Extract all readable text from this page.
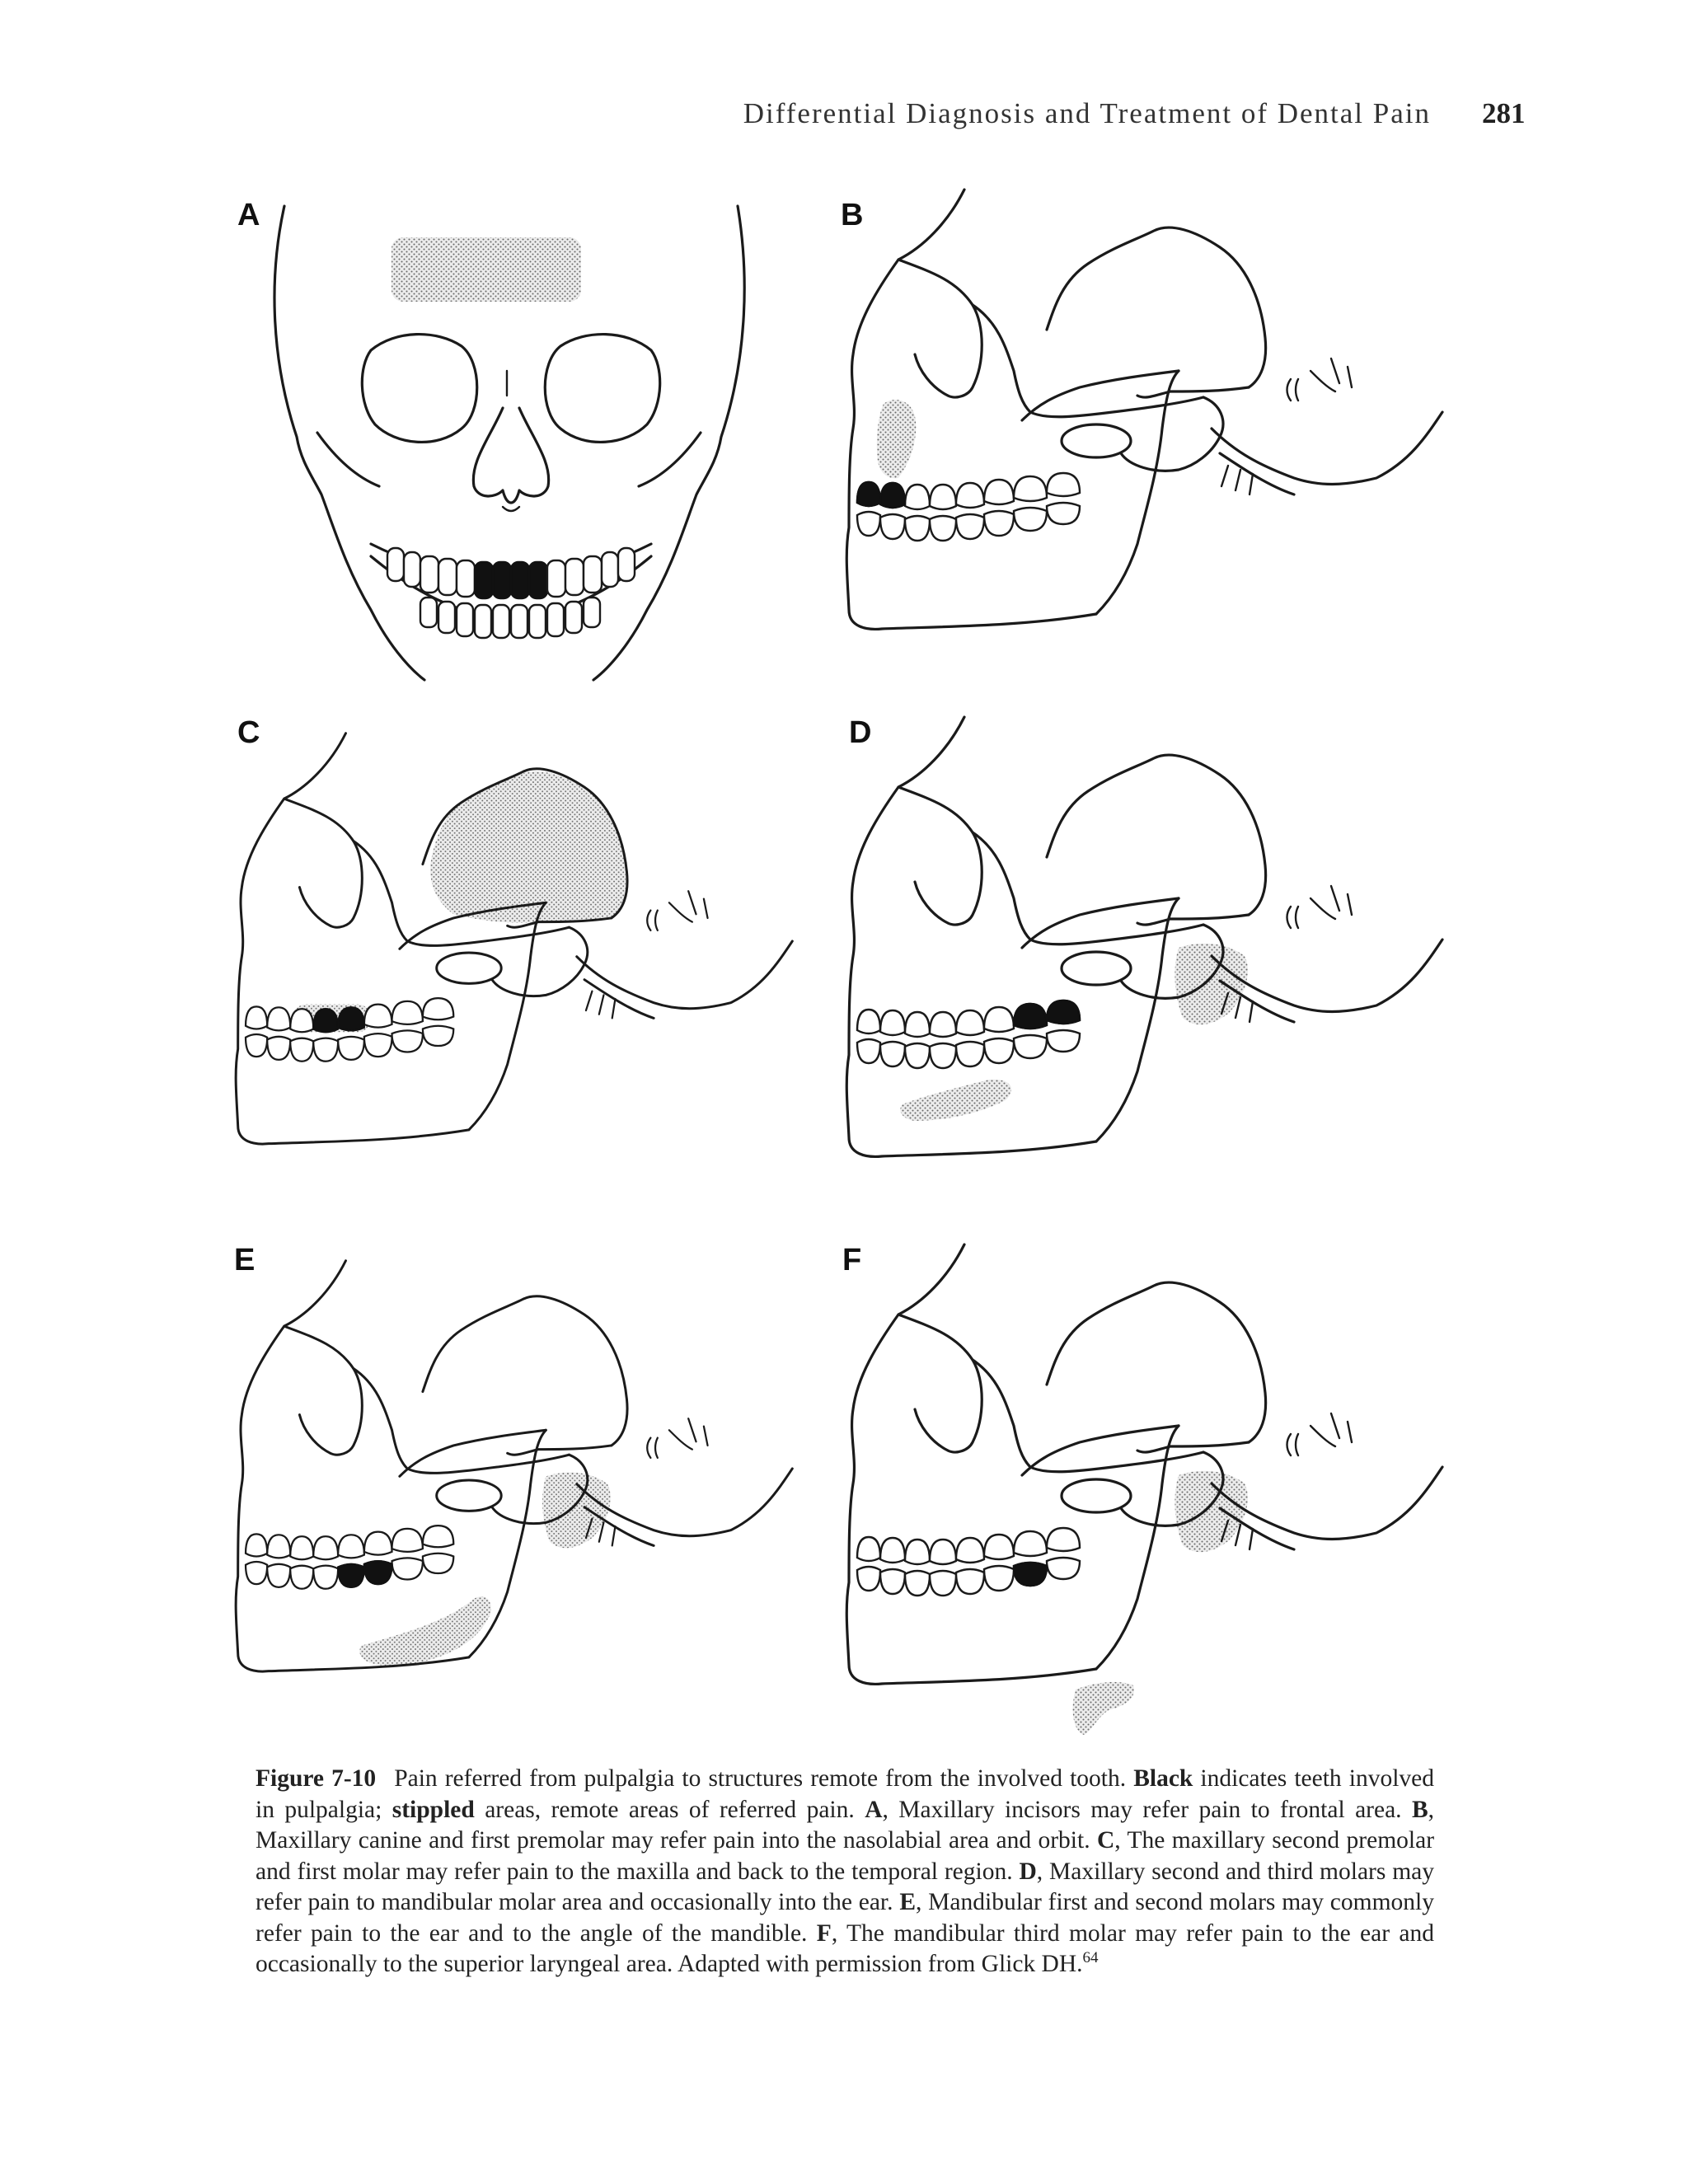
Differential Diagnosis and Treatment of Dental Pain 281
A	B
C	D
E	F
Figure 7-10 Pain referred from pulpalgia to structures remote from the involved tooth. Black indicates teeth involved in pulpalgia; stippled areas, remote areas of referred pain. A, Maxillary incisors may refer pain to frontal area. B, Maxillary canine and first premolar may refer pain into the nasolabial area and orbit. C, The maxillary second premolar and first molar may refer pain to the maxilla and back to the temporal region. D, Maxillary second and third molars may refer pain to mandibular molar area and occasionally into the ear. E, Mandibular first and second molars may commonly refer pain to the ear and to the angle of the mandible. F, The mandibular third molar may refer pain to the ear and occasionally to the superior laryngeal area. Adapted with permission from Glick DH.$^{64}$
